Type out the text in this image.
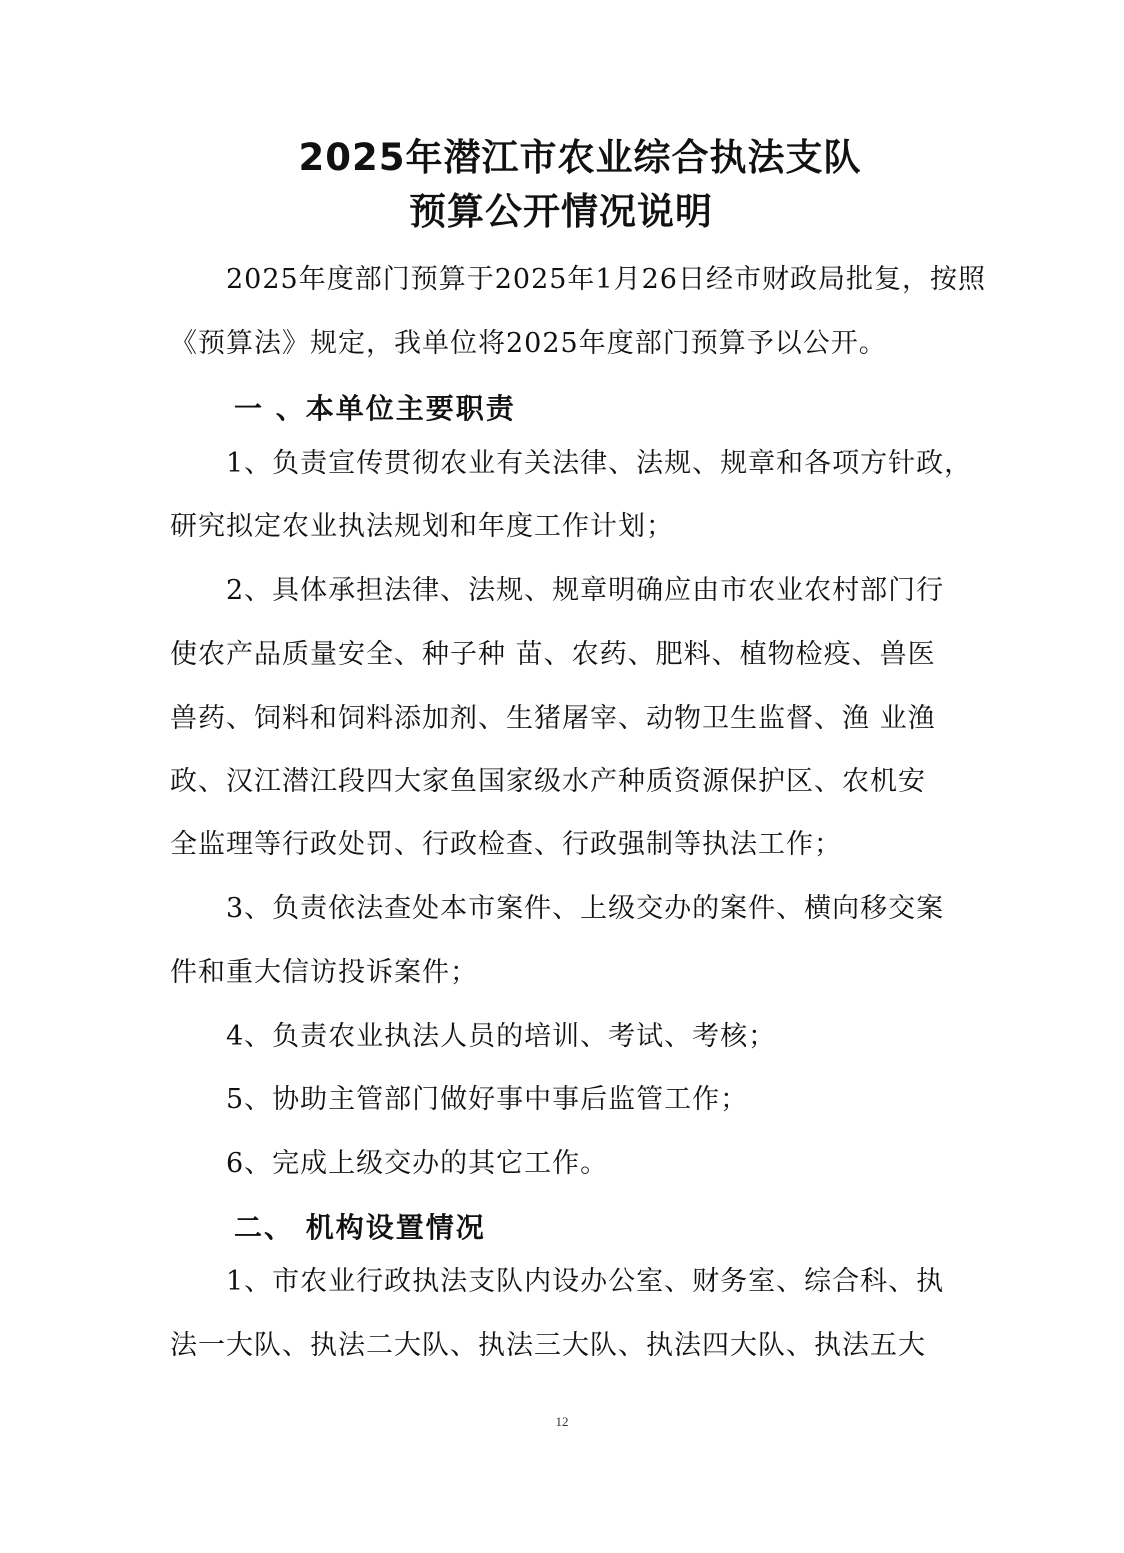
2025年潜江市农业综合执法支队
预算公开情况说明
2025年度部门预算于2025年1月26日经市财政局批复，按照
《预算法》规定，我单位将2025年度部门预算予以公开。
一 、本单位主要职责
1、负责宣传贯彻农业有关法律、法规、规章和各项方针政，
研究拟定农业执法规划和年度工作计划；
2、具体承担法律、法规、规章明确应由市农业农村部门行
使农产品质量安全、种子种 苗、农药、肥料、植物检疫、兽医
兽药、饲料和饲料添加剂、生猪屠宰、动物卫生监督、渔 业渔
政、汉江潜江段四大家鱼国家级水产种质资源保护区、农机安
全监理等行政处罚、行政检查、行政强制等执法工作；
3、负责依法查处本市案件、上级交办的案件、横向移交案
件和重大信访投诉案件；
4、负责农业执法人员的培训、考试、考核；
5、协助主管部门做好事中事后监管工作；
6、完成上级交办的其它工作。
二、 机构设置情况
1、市农业行政执法支队内设办公室、财务室、综合科、执
法一大队、执法二大队、执法三大队、执法四大队、执法五大
12
